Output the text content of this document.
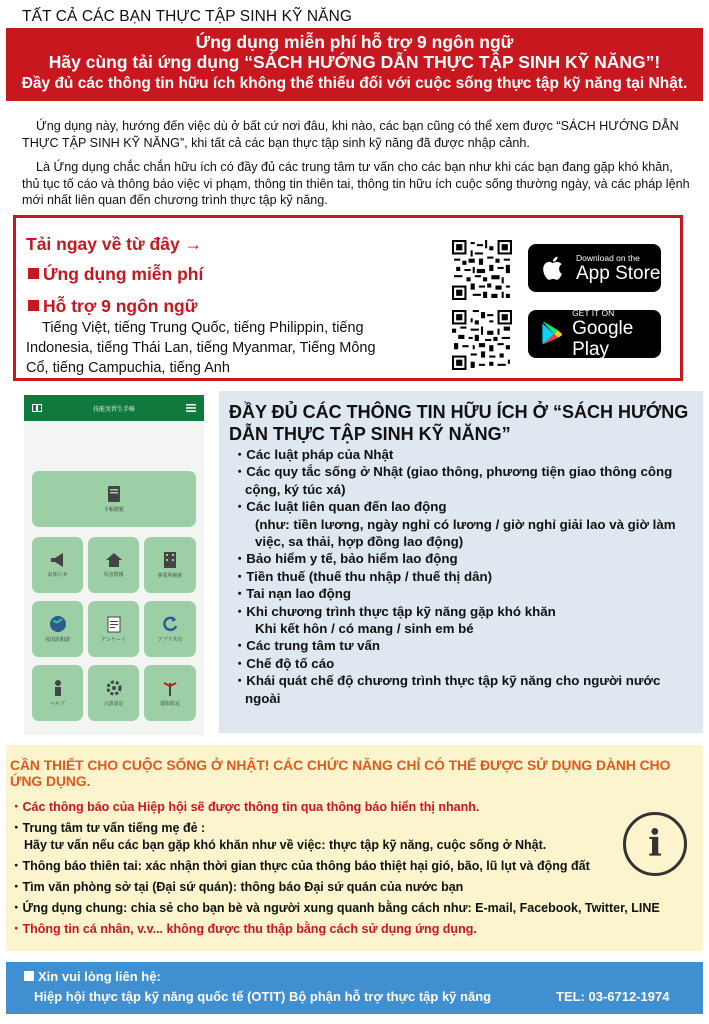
TẤT CẢ CÁC BẠN THỰC TẬP SINH KỸ NĂNG
Ứng dụng miễn phí hỗ trợ 9 ngôn ngữ
Hãy cùng tải ứng dụng “SÁCH HƯỚNG DẪN THỰC TẬP SINH KỸ NĂNG”!
Đầy đủ các thông tin hữu ích không thể thiếu đối với cuộc sống thực tập kỹ năng tại Nhật.

Ứng dụng này, hướng đến việc dù ở bất cứ nơi đâu, khi nào, các bạn cũng có thể xem được “SÁCH HƯỚNG DẪN THỰC TẬP SINH KỸ NĂNG”, khi tất cả các bạn thực tập sinh kỹ năng đã được nhập cảnh.

Là Ứng dụng chắc chắn hữu ích có đầy đủ các trung tâm tư vấn cho các bạn như khi các bạn đang gặp khó khăn, thủ tục tố cáo và thông báo việc vi phạm, thông tin thiên tai, thông tin hữu ích cuộc sống thường ngày, và các pháp lệnh mới nhất liên quan đến chương trình thực tập kỹ năng.

Tải ngay về từ đây →
Ứng dụng miễn phí
Hỗ trợ 9 ngôn ngữ
Tiếng Việt, tiếng Trung Quốc, tiếng Philippin, tiếng Indonesia, tiếng Thái Lan, tiếng Myanmar, Tiếng Mông Cổ, tiếng Campuchia, tiếng Anh
Download on the
App Store
GET IT ON
Google Play
技能実習生手帳
手帳閲覧
お知らせ	災害情報	事業所検索
母国語相談	アンケート	アプリ共有
ヘルプ	言語設定	通知設定
ĐẦY ĐỦ CÁC THÔNG TIN HỮU ÍCH Ở “SÁCH HƯỚNG DẪN THỰC TẬP SINH KỸ NĂNG”
・Các luật pháp của Nhật
・Các quy tắc sống ở Nhật (giao thông, phương tiện giao thông công cộng, ký túc xá)
・Các luật liên quan đến lao động
(như: tiền lương, ngày nghỉ có lương / giờ nghỉ giải lao và giờ làm việc, sa thải, hợp đồng lao động)
・Bảo hiểm y tế, bảo hiểm lao động
・Tiền thuế (thuế thu nhập / thuế thị dân)
・Tai nạn lao động
・Khi chương trình thực tập kỹ năng gặp khó khăn
Khi kết hôn / có mang / sinh em bé
・Các trung tâm tư vấn
・Chế độ tố cáo
・Khái quát chế độ chương trình thực tập kỹ năng cho người nước ngoài
CẦN THIẾT CHO CUỘC SỐNG Ở NHẬT! CÁC CHỨC NĂNG CHỈ CÓ THỂ ĐƯỢC SỬ DỤNG DÀNH CHO ỨNG DỤNG.
・Các thông báo của Hiệp hội sẽ được thông tin qua thông báo hiển thị nhanh.
・Trung tâm tư vấn tiếng mẹ đẻ :
Hãy tư vấn nếu các bạn gặp khó khăn như về việc: thực tập kỹ năng, cuộc sống ở Nhật.
・Thông báo thiên tai: xác nhận thời gian thực của thông báo thiệt hại gió, bão, lũ lụt và động đất
・Tìm văn phòng sở tại (Đại sứ quán): thông báo Đại sứ quán của nước bạn
・Ứng dụng chung: chia sẻ cho bạn bè và người xung quanh bằng cách như: E-mail, Facebook, Twitter, LINE
・Thông tin cá nhân, v.v... không được thu thập bằng cách sử dụng ứng dụng.
i
Xin vui lòng liên hệ:
Hiệp hội thực tập kỹ năng quốc tế (OTIT) Bộ phận hỗ trợ thực tập kỹ năng	TEL: 03-6712-1974
